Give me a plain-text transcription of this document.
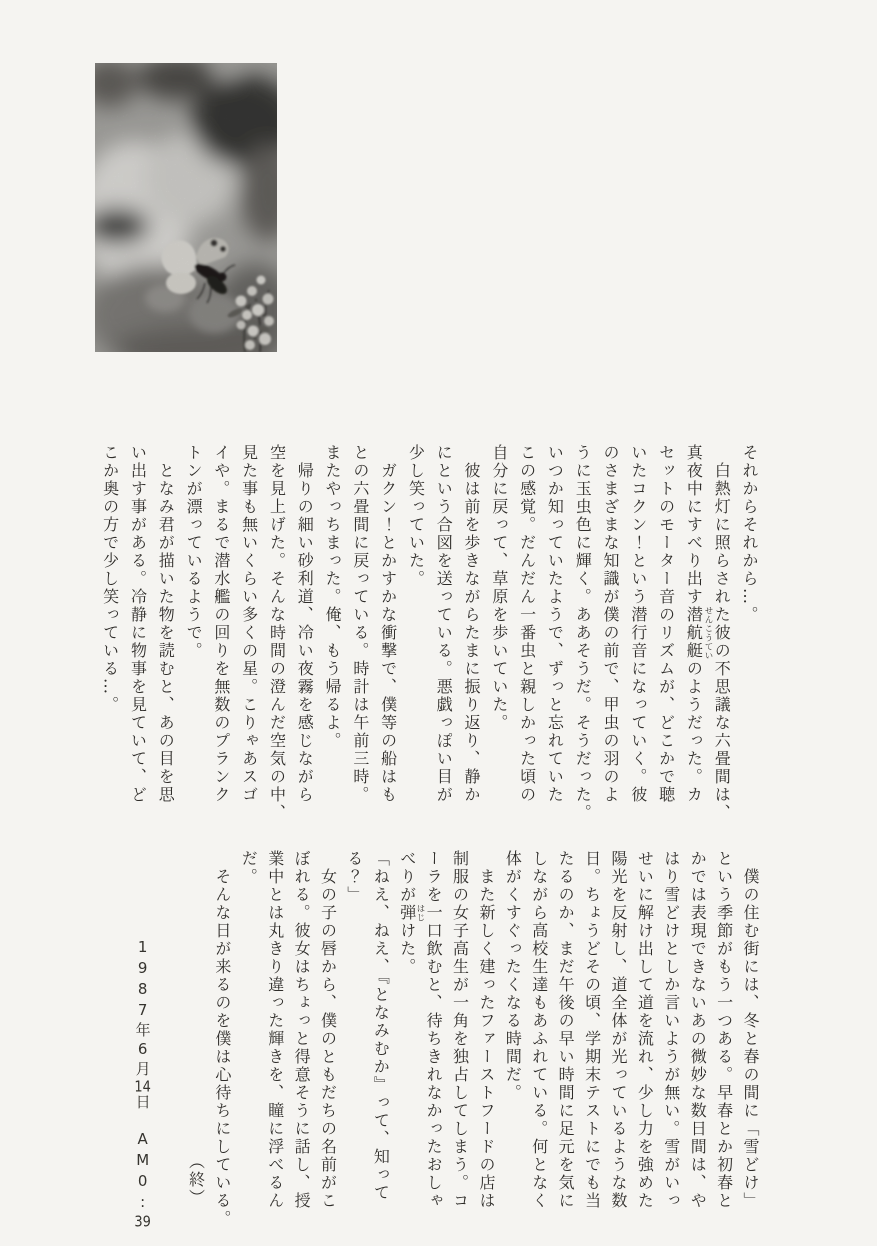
それからそれから…。
　白熱灯に照らされた彼の不思議な六畳間は、
真夜中にすべり出す潜航艇のようだった。カ
セットのモーター音のリズムが、どこかで聴
いたコクン！という潜行音になっていく。彼
のさまざまな知識が僕の前で、甲虫の羽のよ
うに玉虫色に輝く。ああそうだ。そうだった。
いつか知っていたようで、ずっと忘れていた
この感覚。だんだん一番虫と親しかった頃の
自分に戻って、草原を歩いていた。
　彼は前を歩きながらたまに振り返り、静か
にという合図を送っている。悪戯っぽい目が
少し笑っていた。
　ガクン！とかすかな衝撃で、僕等の船はも
との六畳間に戻っている。時計は午前三時。
またやっちまった。俺、もう帰るよ。
　帰りの細い砂利道、冷い夜霧を感じながら
空を見上げた。そんな時間の澄んだ空気の中、
見た事も無いくらい多くの星。こりゃあスゴ
イや。まるで潜水艦の回りを無数のプランク
トンが漂っているようで。
　となみ君が描いた物を読むと、あの目を思
い出す事がある。冷静に物事を見ていて、ど
こか奥の方で少し笑っている…。
　僕の住む街には、冬と春の間に「雪どけ」
という季節がもう一つある。早春とか初春と
かでは表現できないあの微妙な数日間は、や
はり雪どけとしか言いようが無い。雪がいっ
せいに解け出して道を流れ、少し力を強めた
陽光を反射し、道全体が光っているような数
日。ちょうどその頃、学期末テストにでも当
たるのか、まだ午後の早い時間に足元を気に
しながら高校生達もあふれている。何となく
体がくすぐったくなる時間だ。
　また新しく建ったファーストフードの店は
制服の女子高生が一角を独占してしまう。コ
ーラを一口飲むと、待ちきれなかったおしゃ
べりが弾けた。
「ねえ、ねえ、『となみむか』って、知って
る？」
　女の子の唇から、僕のともだちの名前がこ
ぼれる。彼女はちょっと得意そうに話し、授
業中とは丸きり違った輝きを、瞳に浮べるん
だ。
　そんな日が来るのを僕は心待ちにしている。
（終）
1987年6月14日　AM0:39
せんこうてい
はじ
